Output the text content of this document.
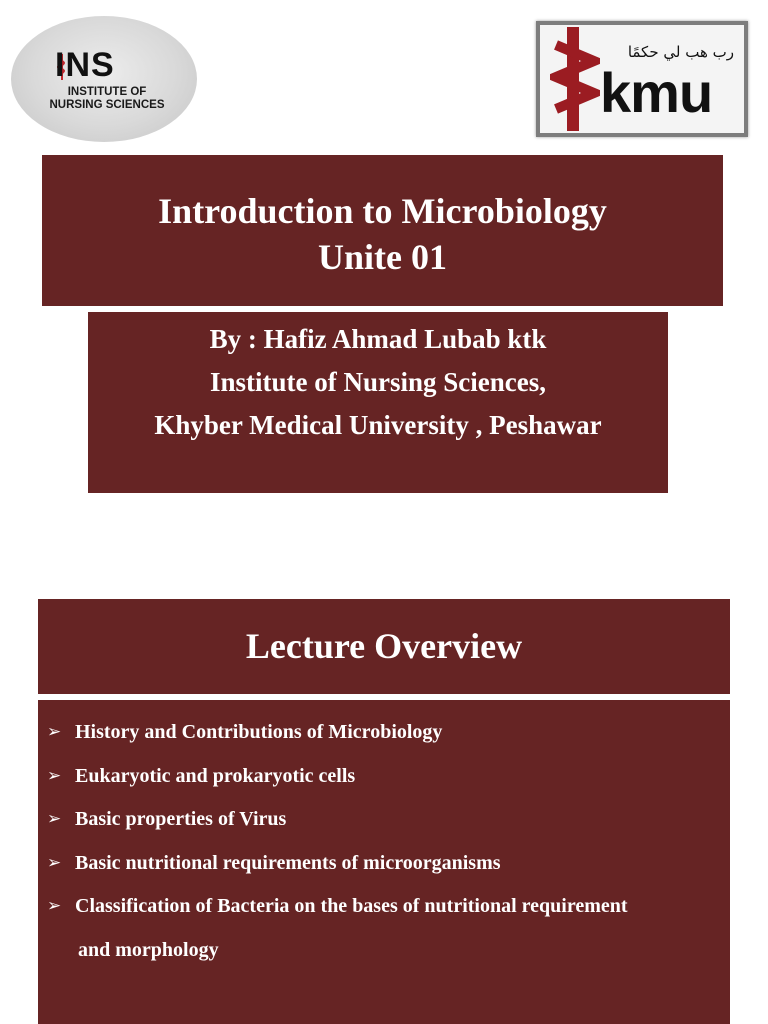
INS
INSTITUTE OF
NURSING SCIENCES
رب هب لي حكمًا
kmu
Introduction to Microbiology
Unite 01
By : Hafiz Ahmad Lubab ktk
Institute of Nursing Sciences,
Khyber Medical University , Peshawar
Lecture Overview
➢ History and Contributions of Microbiology
➢ Eukaryotic and prokaryotic cells
➢ Basic properties of Virus
➢ Basic nutritional requirements of microorganisms
➢ Classification of Bacteria on the bases of nutritional requirement
and morphology
